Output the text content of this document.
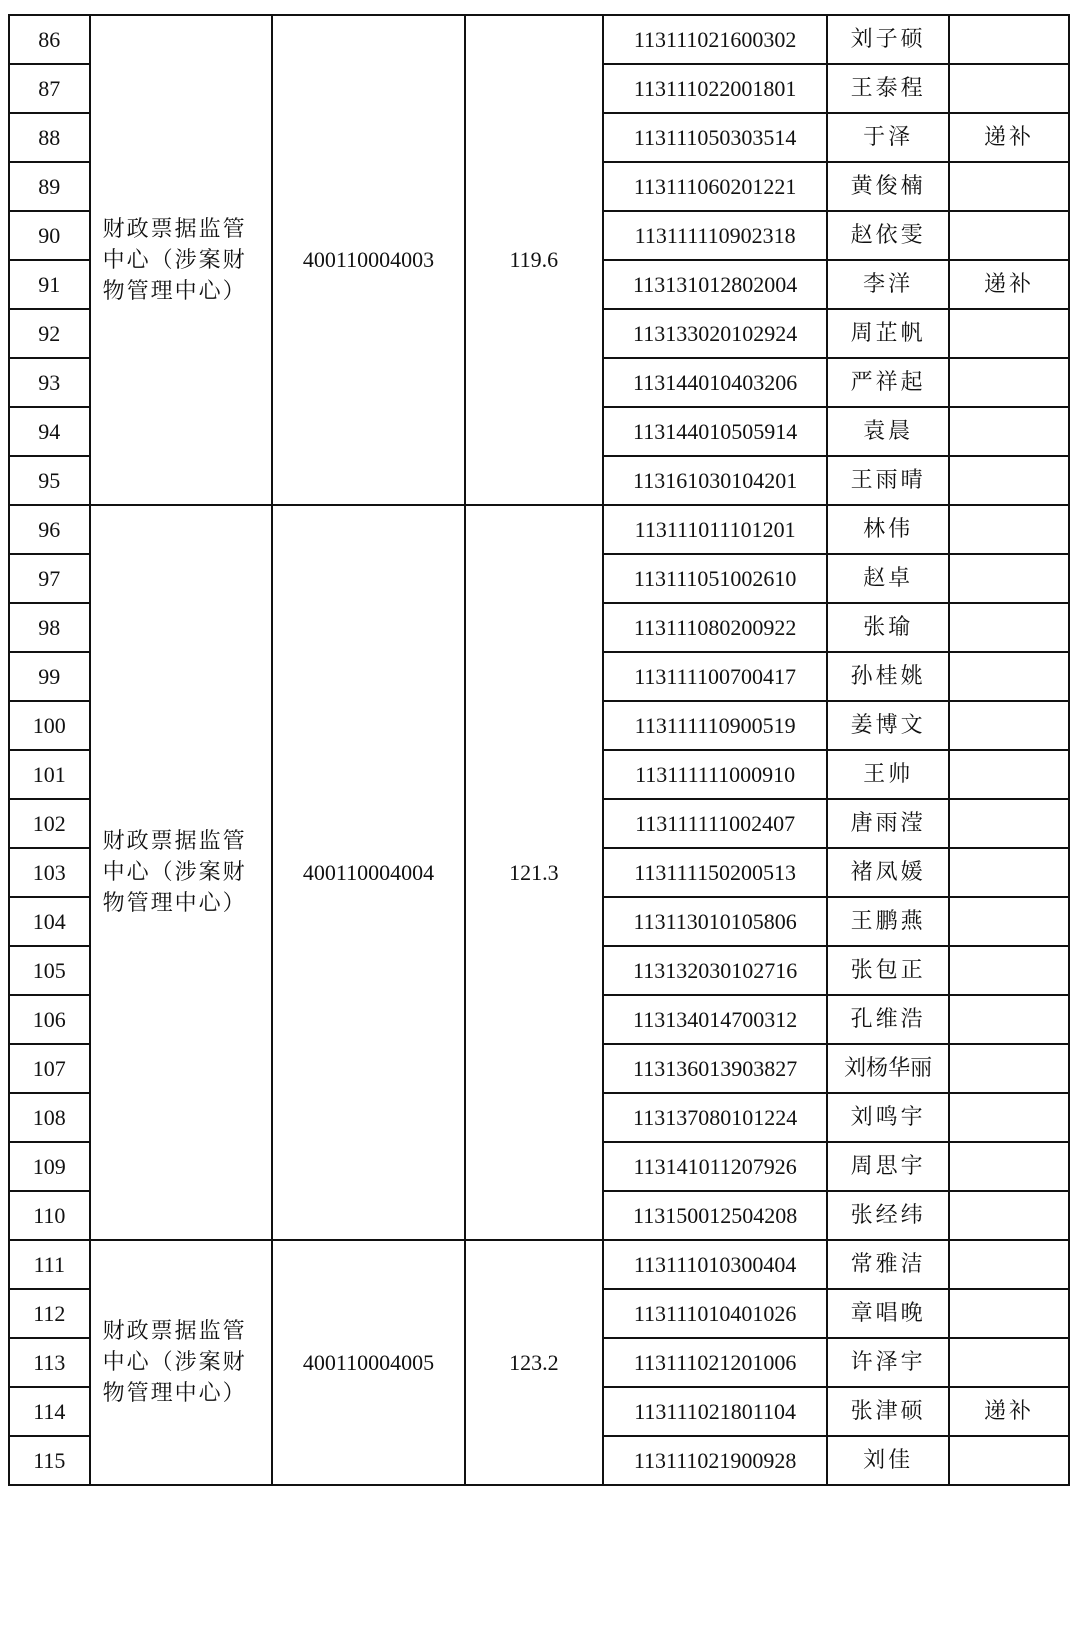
86	财政票据监管中心（涉案财物管理中心）	400110004003	119.6	113111021600302	刘子硕	
87				113111022001801	王泰程	
88				113111050303514	于泽	递补
89				113111060201221	黄俊楠	
90				113111110902318	赵依雯	
91				113131012802004	李洋	递补
92				113133020102924	周芷帆	
93				113144010403206	严祥起	
94				113144010505914	袁晨	
95				113161030104201	王雨晴	
96	财政票据监管中心（涉案财物管理中心）	400110004004	121.3	113111011101201	林伟	
97				113111051002610	赵卓	
98				113111080200922	张瑜	
99				113111100700417	孙桂姚	
100				113111110900519	姜博文	
101				113111111000910	王帅	
102				113111111002407	唐雨滢	
103				113111150200513	褚凤媛	
104				113113010105806	王鹏燕	
105				113132030102716	张包正	
106				113134014700312	孔维浩	
107				113136013903827	刘杨华丽	
108				113137080101224	刘鸣宇	
109				113141011207926	周思宇	
110				113150012504208	张经纬	
111	财政票据监管中心（涉案财物管理中心）	400110004005	123.2	113111010300404	常雅洁	
112				113111010401026	章唱晚	
113				113111021201006	许泽宇	
114				113111021801104	张津硕	递补
115				113111021900928	刘佳	
